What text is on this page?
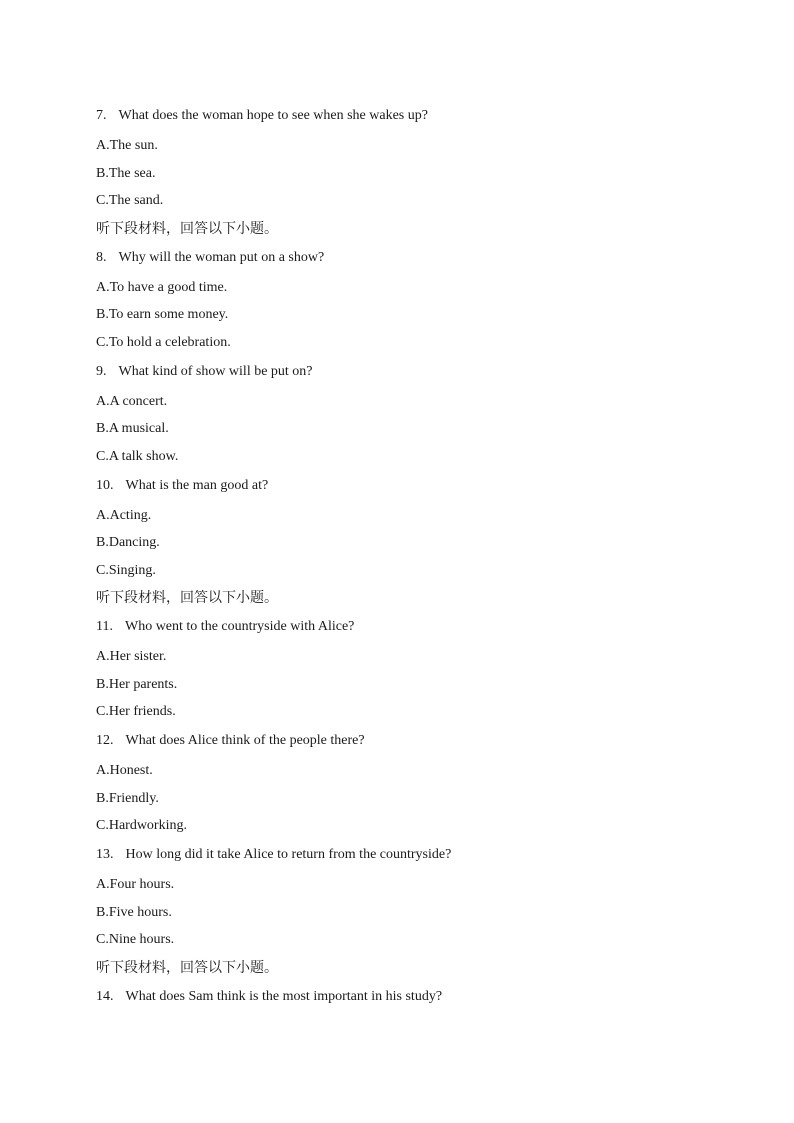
7. What does the woman hope to see when she wakes up?
A.The sun.
B.The sea.
C.The sand.
听下段材料，回答以下小题。
8. Why will the woman put on a show?
A.To have a good time.
B.To earn some money.
C.To hold a celebration.
9. What kind of show will be put on?
A.A concert.
B.A musical.
C.A talk show.
10. What is the man good at?
A.Acting.
B.Dancing.
C.Singing.
听下段材料，回答以下小题。
11. Who went to the countryside with Alice?
A.Her sister.
B.Her parents.
C.Her friends.
12. What does Alice think of the people there?
A.Honest.
B.Friendly.
C.Hardworking.
13. How long did it take Alice to return from the countryside?
A.Four hours.
B.Five hours.
C.Nine hours.
听下段材料，回答以下小题。
14. What does Sam think is the most important in his study?
